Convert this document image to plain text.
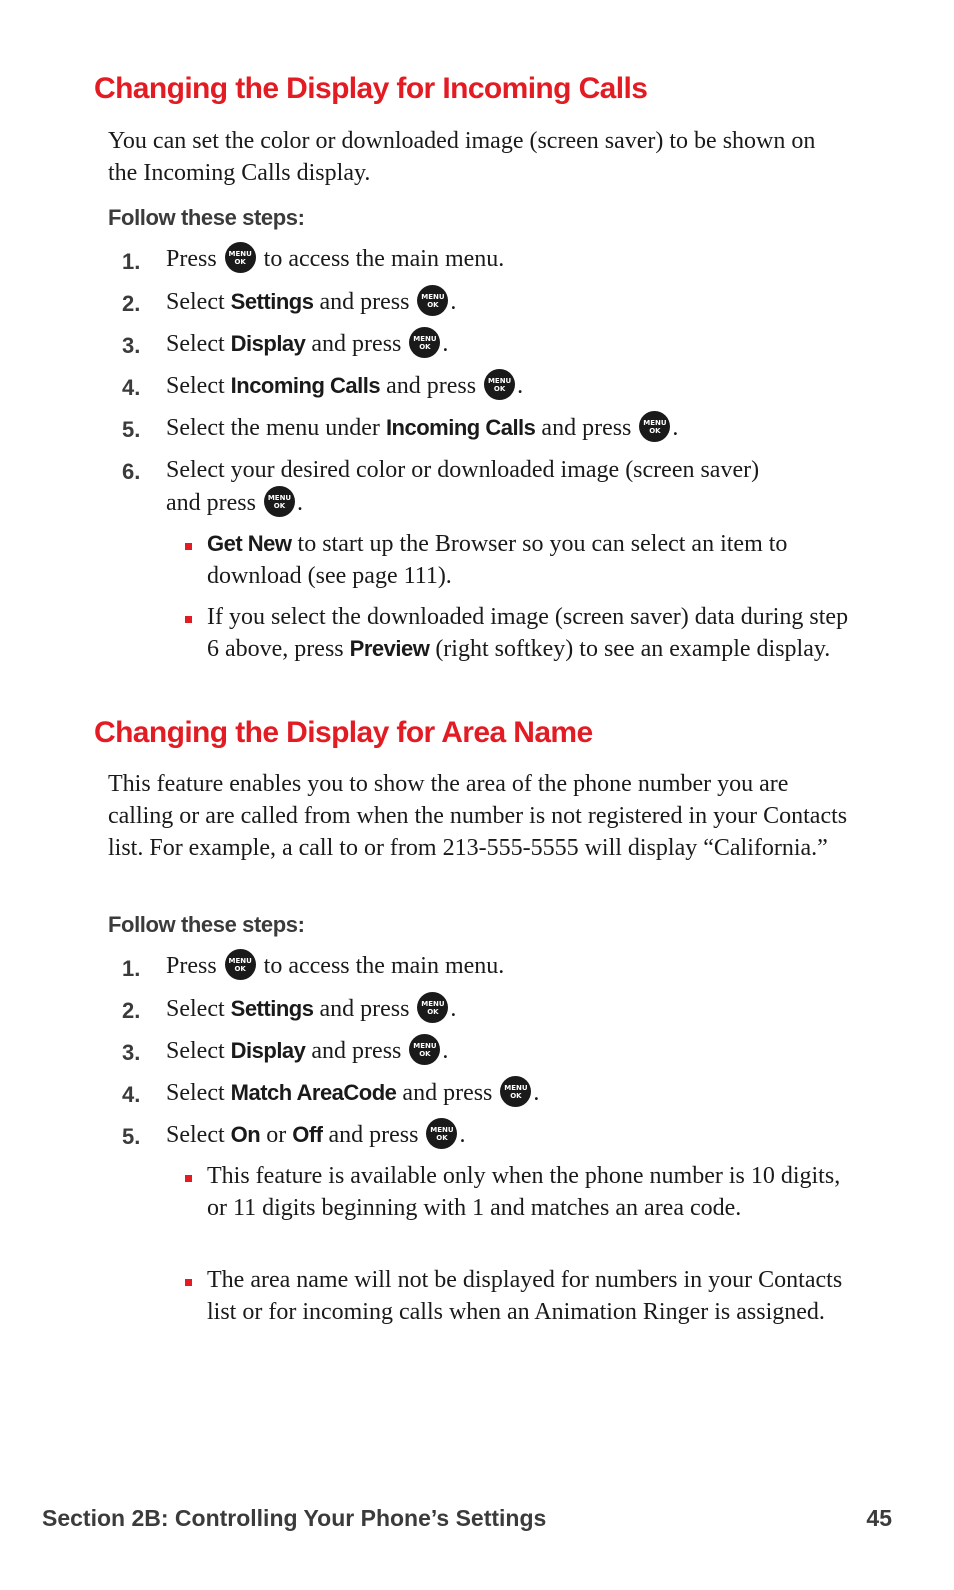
Changing the Display for Incoming Calls

You can set the color or downloaded image (screen saver) to be shown on the Incoming Calls display.

Follow these steps:

1.	Press MENU
OK to access the main menu.
2.	Select Settings and press MENU
OK .
3.	Select Display and press MENU
OK .
4.	Select Incoming Calls and press MENU
OK .
5.	Select the menu under Incoming Calls and press MENU
OK .
6.	Select your desired color or downloaded image (screen saver)
and press MENU
OK .
Get New to start up the Browser so you can select an item to download (see page 111).
If you select the downloaded image (screen saver) data during step 6 above, press Preview (right softkey) to see an example display.
Changing the Display for Area Name

This feature enables you to show the area of the phone number you are calling or are called from when the number is not registered in your Contacts list. For example, a call to or from 213-555-5555 will display “California.”

Follow these steps:

1.	Press MENU
OK to access the main menu.
2.	Select Settings and press MENU
OK .
3.	Select Display and press MENU
OK .
4.	Select Match AreaCode and press MENU
OK .
5.	Select On or Off and press MENU
OK .
This feature is available only when the phone number is 10 digits, or 11 digits beginning with 1 and matches an area code.
The area name will not be displayed for numbers in your Contacts list or for incoming calls when an Animation Ringer is assigned.
Section 2B: Controlling Your Phone’s Settings	45
